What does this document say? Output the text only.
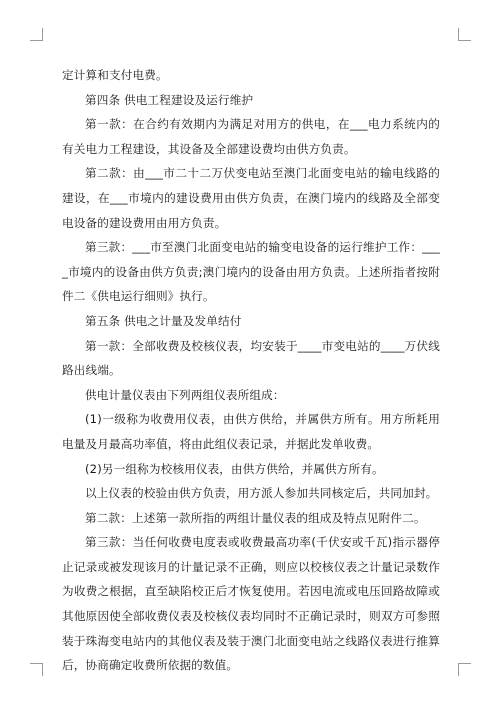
定计算和支付电费。

第四条 供电工程建设及运行维护

第一款：在合约有效期内为满足对用方的供电，在___电力系统内的有关电力工程建设，其设备及全部建设费均由供方负责。

第二款：由___市二十二万伏变电站至澳门北面变电站的输电线路的建设，在___市境内的建设费用由供方负责，在澳门境内的线路及全部变电设备的建设费用由用方负责。

第三款：___市至澳门北面变电站的输变电设备的运行维护工作：____市境内的设备由供方负责;澳门境内的设备由用方负责。上述所指者按附件二《供电运行细则》执行。

第五条 供电之计量及发单结付

第一款：全部收费及校核仪表，均安装于____市变电站的____万伏线路出线端。

供电计量仪表由下列两组仪表所组成：

(1)一级称为收费用仪表，由供方供给，并属供方所有。用方所耗用电量及月最高功率值，将由此组仪表记录，并据此发单收费。

(2)另一组称为校核用仪表，由供方供给，并属供方所有。

以上仪表的校验由供方负责，用方派人参加共同核定后，共同加封。

第二款：上述第一款所指的两组计量仪表的组成及特点见附件二。

第三款：当任何收费电度表或收费最高功率(千伏安或千瓦)指示器停止记录或被发现该月的计量记录不正确，则应以校核仪表之计量记录数作为收费之根据，直至缺陷校正后才恢复使用。若因电流或电压回路故障或其他原因使全部收费仪表及校核仪表均同时不正确记录时，则双方可参照装于珠海变电站内的其他仪表及装于澳门北面变电站之线路仪表进行推算后，协商确定收费所依据的数值。
